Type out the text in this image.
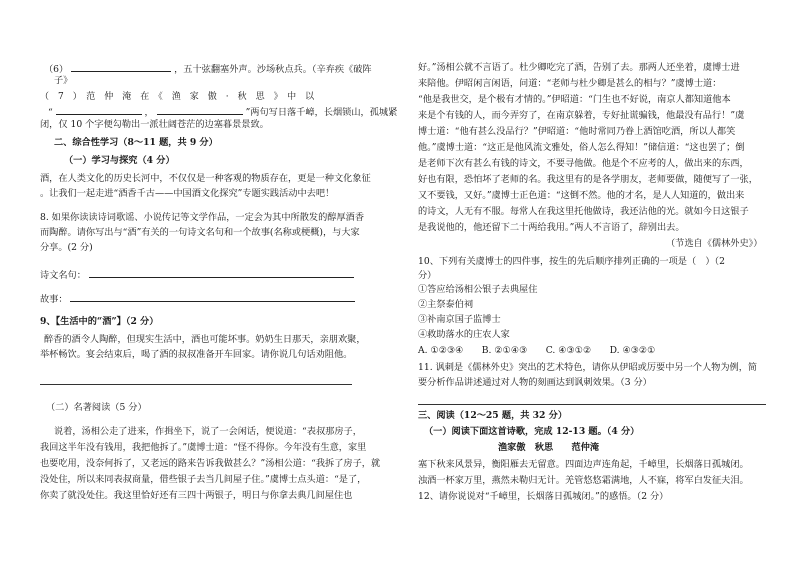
（6）	，五十弦翻塞外声。沙场秋点兵。（辛弃疾《破阵
子》
（　7　）　范　仲　淹　在　《　渔　家　傲　·　秋　思　》　中　以
“	，	”两句写日落千嶂，长烟锁山，孤城紧
闭，仅 10 个字便勾勒出一派壮阔苍茫的边塞暮景景致。
二、综合性学习（8～11 题，共 9 分）
（一）学习与探究（4 分）
酒，在人类文化的历史长河中，不仅仅是一种客观的物质存在，更是一种文化象征
。让我们一起走进“酒香千古——中国酒文化探究”专题实践活动中去吧！
8. 如果你读读诗词歌谣、小说传记等文学作品，一定会为其中所散发的醇厚酒香
而陶醉。请你写出与“酒”有关的一句诗文名句和一个故事(名称或梗概)，与大家
分享。(2 分)
诗文名句：
故事：
9、【生活中的“酒”】（2 分）
醉香的酒令人陶醉，但现实生活中，酒也可能坏事。奶奶生日那天，亲朋欢聚，
举杯畅饮。宴会结束后，喝了酒的叔叔准备开车回家。请你说几句话劝阻他。
（二）名著阅读（5 分）
说着，汤相公走了进来，作揖坐下，说了一会闲话，便说道：“表叔那房子，
我回这半年没有钱用，我把他拆了。”虞博士道：“怪不得你。今年没有生意，家里
也要吃用，没奈何拆了，又老远的路来告诉我做甚么？”汤相公道：“我拆了房子，就
没处住，所以来同表叔商量，借些银子去当几间屋子住。”虞博士点头道：“是了，
你卖了就没处住。我这里恰好还有三四十两银子，明日与你拿去典几间屋住也
好。”汤相公就不言语了。杜少卿吃完了酒，告别了去。那两人还坐着，虞博士进
来陪他。伊昭闲言闲语，问道：“老师与杜少卿是甚么的相与？”虞博士道：
“他是我世交，是个极有才情的。”伊昭道：“门生也不好说，南京人都知道他本
来是个有钱的人，而今弄穷了，在南京躲着，专好扯谎骗钱，他最没有品行！”虞
博士道：“他有甚么没品行？”伊昭道：“他时常同乃眷上酒馆吃酒，所以人都笑
他。”虞博士道：“这正是他风流文雅处，俗人怎么得知！”储信道：“这也罢了；倒
是老师下次有甚么有钱的诗文，不要寻他做。他是个不应考的人，做出来的东西，
好也有限，恐怕坏了老师的名。我这里有的是各学朋友，老师要做，随便写了一张，
又不要钱，又好。”虞博士正色道：“这倒不然。他的才名，是人人知道的，做出来
的诗文，人无有不服。每常人在我这里托他做诗，我还沾他的光。就如今日这银子
是我说他的，他还留下二十两给我用。”两人不言语了，辞别出去。
（节选自《儒林外史》）
10、下列有关虞博士的四件事，按生的先后顺序排列正确的一项是（　）（2
分）
①答应给汤相公银子去典屋住
②主祭泰伯祠
③补南京国子监博士
④救助落水的庄农人家
A. ①②③④　　B. ②①④③　　C. ④③①②　　D. ④③②①
11. 讽刺是《儒林外史》突出的艺术特色，请你从伊昭或厉要中另一个人物为例，简
要分析作品讲述通过对人物的刻画达到讽刺效果。（3 分）
三、阅读（12～25 题，共 32 分）
（一）阅读下面这首诗歌，完成 12-13 题。（4 分）
渔家傲　秋思　　范仲淹
塞下秋来风景异，衡阳雁去无留意。四面边声连角起，千嶂里，长烟落日孤城闭。
浊酒一杯家万里，燕然未勒归无计。羌管悠悠霜满地，人不寐，将军白发征夫泪。
12、请你说说对“千嶂里，长烟落日孤城闭。”的感悟。（2 分）
